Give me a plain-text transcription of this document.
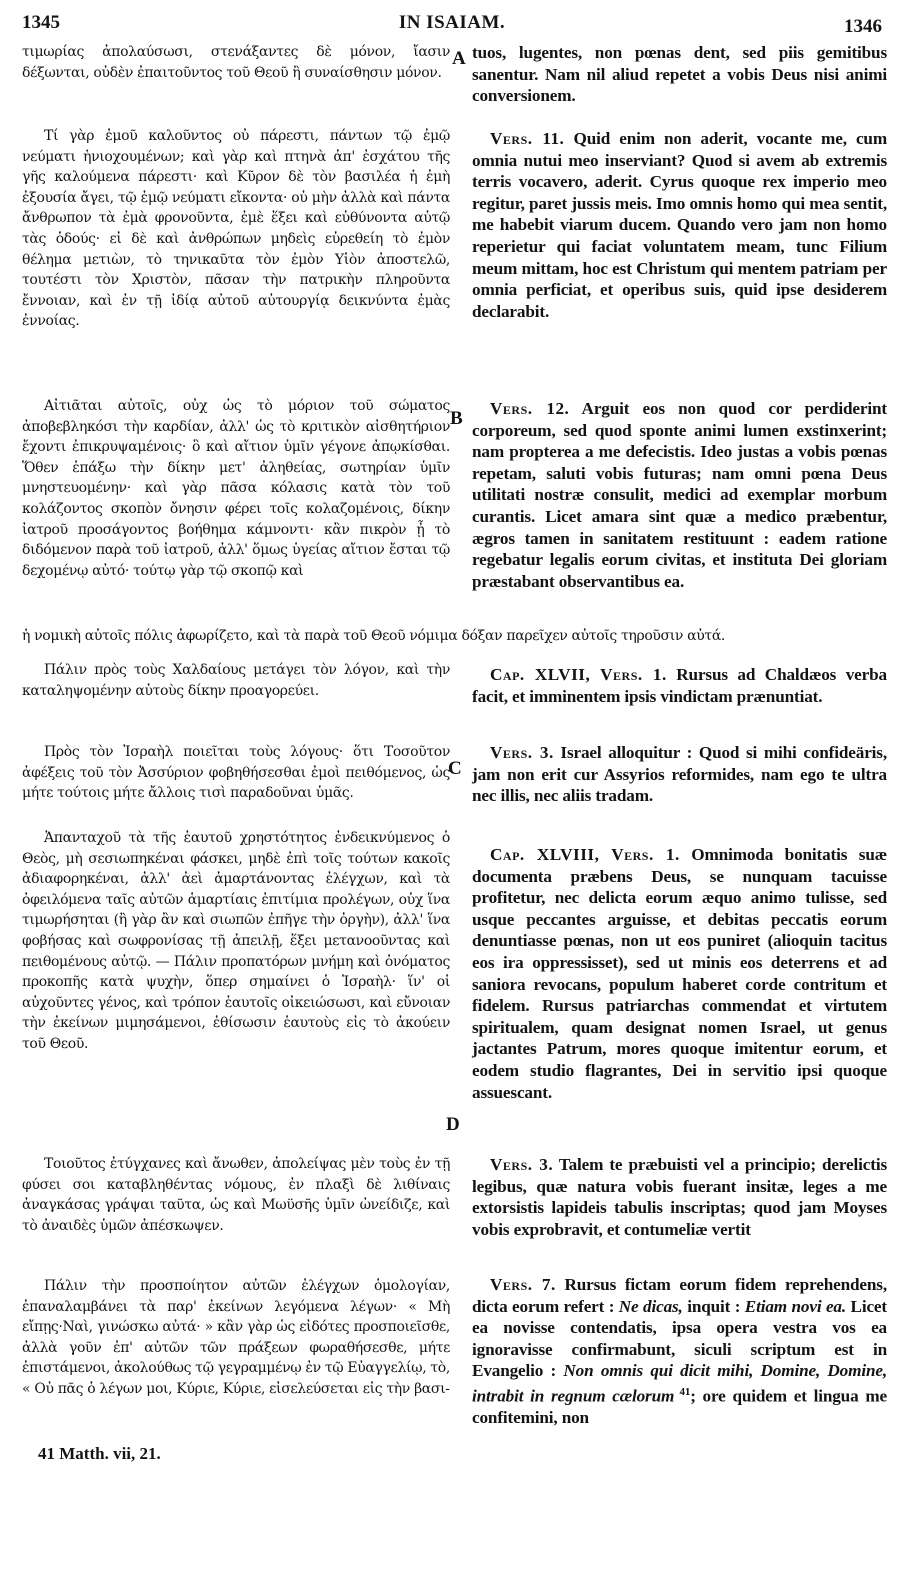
1345	IN ISAIAM.	1346

τιμωρίας ἀπολαύσωσι, στενάξαντες δὲ μόνον, ἴασιν δέξωνται, οὐδὲν ἐπαιτοῦντος τοῦ Θεοῦ ἢ συναίσθησιν μόνον.

Τί γὰρ ἐμοῦ καλοῦντος οὐ πάρεστι, πάντων τῷ ἐμῷ νεύματι ἡνιοχουμένων; καὶ γὰρ καὶ πτηνὰ ἀπ' ἐσχάτου τῆς γῆς καλούμενα πάρεστι· καὶ Κῦρον δὲ τὸν βασιλέα ἡ ἐμὴ ἐξουσία ἄγει, τῷ ἐμῷ νεύματι εἴκοντα· οὐ μὴν ἀλλὰ καὶ πάντα ἄνθρωπον τὰ ἐμὰ φρονοῦντα, ἐμὲ ἕξει καὶ εὐθύνοντα αὐτῷ τὰς ὁδούς· εἰ δὲ καὶ ἀνθρώπων μηδεὶς εὑρεθείη τὸ ἐμὸν θέλημα μετιὼν, τὸ τηνικαῦτα τὸν ἐμὸν Υἱὸν ἀποστελῶ, τουτέστι τὸν Χριστὸν, πᾶσαν τὴν πατρικὴν πληροῦντα ἔννοιαν, καὶ ἐν τῇ ἰδίᾳ αὐτοῦ αὐτουργίᾳ δεικνύντα ἐμὰς ἐννοίας.

Αἰτιᾶται αὐτοῖς, οὐχ ὡς τὸ μόριον τοῦ σώματος ἀποβεβληκόσι τὴν καρδίαν, ἀλλ' ὡς τὸ κριτικὸν αἰσθητήριον ἔχοντι ἐπικρυψαμένοις· ὃ καὶ αἴτιον ὑμῖν γέγονε ἀπῳκίσθαι. Ὅθεν ἐπάξω τὴν δίκην μετ' ἀληθείας, σωτηρίαν ὑμῖν μνηστευομένην· καὶ γὰρ πᾶσα κόλασις κατὰ τὸν τοῦ κολάζοντος σκοπὸν ὄνησιν φέρει τοῖς κολαζομένοις, δίκην ἰατροῦ προσάγοντος βοήθημα κάμνοντι· κἂν πικρὸν ᾖ τὸ διδόμενον παρὰ τοῦ ἰατροῦ, ἀλλ' ὅμως ὑγείας αἴτιον ἔσται τῷ δεχομένῳ αὐτό· τούτῳ γὰρ τῷ σκοπῷ καὶ

Πάλιν πρὸς τοὺς Χαλδαίους μετάγει τὸν λόγον, καὶ τὴν καταληψομένην αὐτοὺς δίκην προαγορεύει.

Πρὸς τὸν Ἰσραὴλ ποιεῖται τοὺς λόγους· ὅτι Τοσοῦτον ἀφέξεις τοῦ τὸν Ἀσσύριον φοβηθήσεσθαι ἐμοὶ πειθόμενος, ὡς μήτε τούτοις μήτε ἄλλοις τισὶ παραδοῦναι ὑμᾶς.

Ἁπανταχοῦ τὰ τῆς ἑαυτοῦ χρηστότητος ἐνδεικνύμενος ὁ Θεὸς, μὴ σεσιωπηκέναι φάσκει, μηδὲ ἐπὶ τοῖς τούτων κακοῖς ἀδιαφορηκέναι, ἀλλ' ἀεὶ ἁμαρτάνοντας ἐλέγχων, καὶ τὰ ὀφειλόμενα ταῖς αὐτῶν ἁμαρτίαις ἐπιτίμια προλέγων, οὐχ ἵνα τιμωρήσηται (ἢ γὰρ ἂν καὶ σιωπῶν ἐπῆγε τὴν ὀργὴν), ἀλλ' ἵνα φοβήσας καὶ σωφρονίσας τῇ ἀπειλῇ, ἕξει μετανοοῦντας καὶ πειθομένους αὐτῷ. — Πάλιν προπατόρων μνήμη καὶ ὀνόματος προκοπῆς κατὰ ψυχὴν, ὅπερ σημαίνει ὁ Ἰσραὴλ· ἵν' οἱ αὐχοῦντες γένος, καὶ τρόπον ἑαυτοῖς οἰκειώσωσι, καὶ εὔνοιαν τὴν ἐκείνων μιμησάμενοι, ἐθίσωσιν ἑαυτοὺς εἰς τὸ ἀκούειν τοῦ Θεοῦ.

Τοιοῦτος ἐτύγχανες καὶ ἄνωθεν, ἀπολείψας μὲν τοὺς ἐν τῇ φύσει σοι καταβληθέντας νόμους, ἐν πλαξὶ δὲ λιθίναις ἀναγκάσας γράψαι ταῦτα, ὡς καὶ Μωϋσῆς ὑμῖν ὠνείδιζε, καὶ τὸ ἀναιδὲς ὑμῶν ἀπέσκωψεν.

Πάλιν τὴν προσποίητον αὐτῶν ἐλέγχων ὁμολογίαν, ἐπαναλαμβάνει τὰ παρ' ἐκείνων λεγόμενα λέγων· « Μὴ εἴπῃς·Ναὶ, γινώσκω αὐτά· » κἂν γὰρ ὡς εἰδότες προσποιεῖσθε, ἀλλὰ γοῦν ἐπ' αὐτῶν τῶν πράξεων φωραθήσεσθε, μήτε ἐπιστάμενοι, ἀκολούθως τῷ γεγραμμένῳ ἐν τῷ Εὐαγγελίῳ, τὸ, « Οὐ πᾶς ὁ λέγων μοι, Κύριε, Κύριε, εἰσελεύσεται εἰς τὴν βασι-

ἡ νομικὴ αὐτοῖς πόλις ἀφωρίζετο, καὶ τὰ παρὰ τοῦ Θεοῦ νόμιμα δόξαν παρεῖχεν αὐτοῖς τηροῦσιν αὐτά.

tuos, lugentes, non pœnas dent, sed piis gemitibus sanentur. Nam nil aliud repetet a vobis Deus nisi animi conversionem.

Vers. 11. Quid enim non aderit, vocante me, cum omnia nutui meo inserviant? Quod si avem ab extremis terris vocavero, aderit. Cyrus quoque rex imperio meo regitur, paret jussis meis. Imo omnis homo qui mea sentit, me habebit viarum ducem. Quando vero jam non homo reperietur qui faciat voluntatem meam, tunc Filium meum mittam, hoc est Christum qui mentem patriam per omnia perficiat, et operibus suis, quid ipse desiderem declarabit.

Vers. 12. Arguit eos non quod cor perdiderint corporeum, sed quod sponte animi lumen exstinxerint; nam propterea a me defecistis. Ideo justas a vobis pœnas repetam, saluti vobis futuras; nam omni pœna Deus utilitati nostræ consulit, medici ad exemplar morbum curantis. Licet amara sint quæ a medico præbentur, ægros tamen in sanitatem restituunt : eadem ratione regebatur legalis eorum civitas, et instituta Dei gloriam præstabant observantibus ea.

Cap. XLVII, Vers. 1. Rursus ad Chaldæos verba facit, et imminentem ipsis vindictam prænuntiat.

Vers. 3. Israel alloquitur : Quod si mihi confideäris, jam non erit cur Assyrios reformides, nam ego te ultra nec illis, nec aliis tradam.

Cap. XLVIII, Vers. 1. Omnimoda bonitatis suæ documenta præbens Deus, se nunquam tacuisse profitetur, nec delicta eorum æquo animo tulisse, sed usque peccantes arguisse, et debitas peccatis eorum denuntiasse pœnas, non ut eos puniret (alioquin tacitus eos ira oppressisset), sed ut minis eos deterrens et ad saniora revocans, populum haberet corde contritum et fidelem. Rursus patriarchas commendat et virtutem spiritualem, quam designat nomen Israel, ut genus jactantes Patrum, mores quoque imitentur eorum, et eodem studio flagrantes, Dei in servitio ipsi quoque assuescant.

Vers. 3. Talem te præbuisti vel a principio; derelictis legibus, quæ natura vobis fuerant insitæ, leges a me extorsistis lapideis tabulis inscriptas; quod jam Moyses vobis exprobravit, et contumeliæ vertit

Vers. 7. Rursus fictam eorum fidem reprehendens, dicta eorum refert : Ne dicas, inquit : Etiam novi ea. Licet ea novisse contendatis, ipsa opera vestra vos ea ignoravisse confirmabunt, siculi scriptum est in Evangelio : Non omnis qui dicit mihi, Domine, Domine, intrabit in regnum cælorum $^{41}$; ore quidem et lingua me confitemini, non

A
B
C
D
41 Matth. vii, 21.
